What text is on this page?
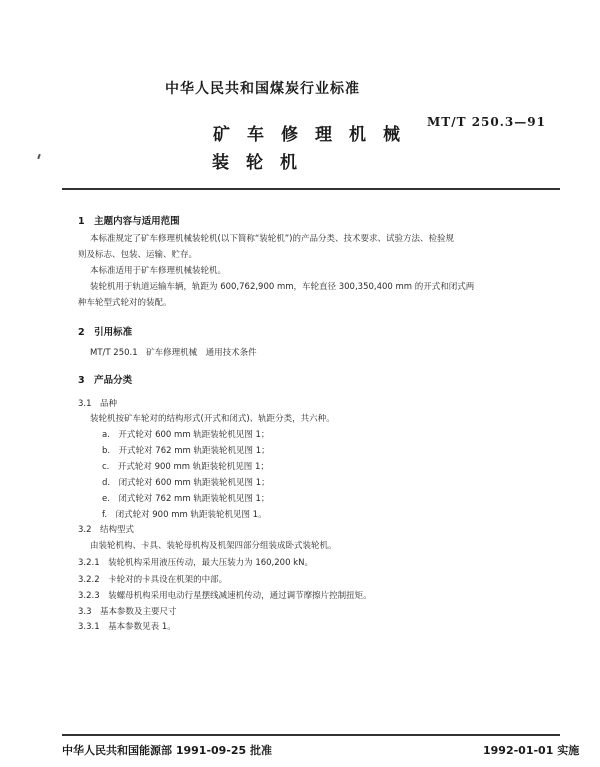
中华人民共和国煤炭行业标准
MT/T 250.3—91
矿车修理机械
装轮机
1　主题内容与适用范围
本标准规定了矿车修理机械装轮机(以下简称“装轮机”)的产品分类、技术要求、试验方法、检验规
则及标志、包装、运输、贮存。
本标准适用于矿车修理机械装轮机。
装轮机用于轨道运输车辆，轨距为 600,762,900 mm，车轮直径 300,350,400 mm 的开式和闭式两
种车轮型式轮对的装配。
2　引用标准
MT/T 250.1　矿车修理机械　通用技术条件
3　产品分类
3.1　品种
装轮机按矿车轮对的结构形式(开式和闭式)、轨距分类，共六种。
a.　开式轮对 600 mm 轨距装轮机见图 1；
b.　开式轮对 762 mm 轨距装轮机见图 1；
c.　开式轮对 900 mm 轨距装轮机见图 1；
d.　闭式轮对 600 mm 轨距装轮机见图 1；
e.　闭式轮对 762 mm 轨距装轮机见图 1；
f.　闭式轮对 900 mm 轨距装轮机见图 1。
3.2　结构型式
由装轮机构、卡具、装轮母机构及机架四部分组装成卧式装轮机。
3.2.1　装轮机构采用液压传动，最大压装力为 160,200 kN。
3.2.2　卡轮对的卡具设在机架的中部。
3.2.3　装螺母机构采用电动行星摆线减速机传动，通过调节摩擦片控制扭矩。
3.3　基本参数及主要尺寸
3.3.1　基本参数见表 1。
中华人民共和国能源部 1991-09-25 批准	1992-01-01 实施
